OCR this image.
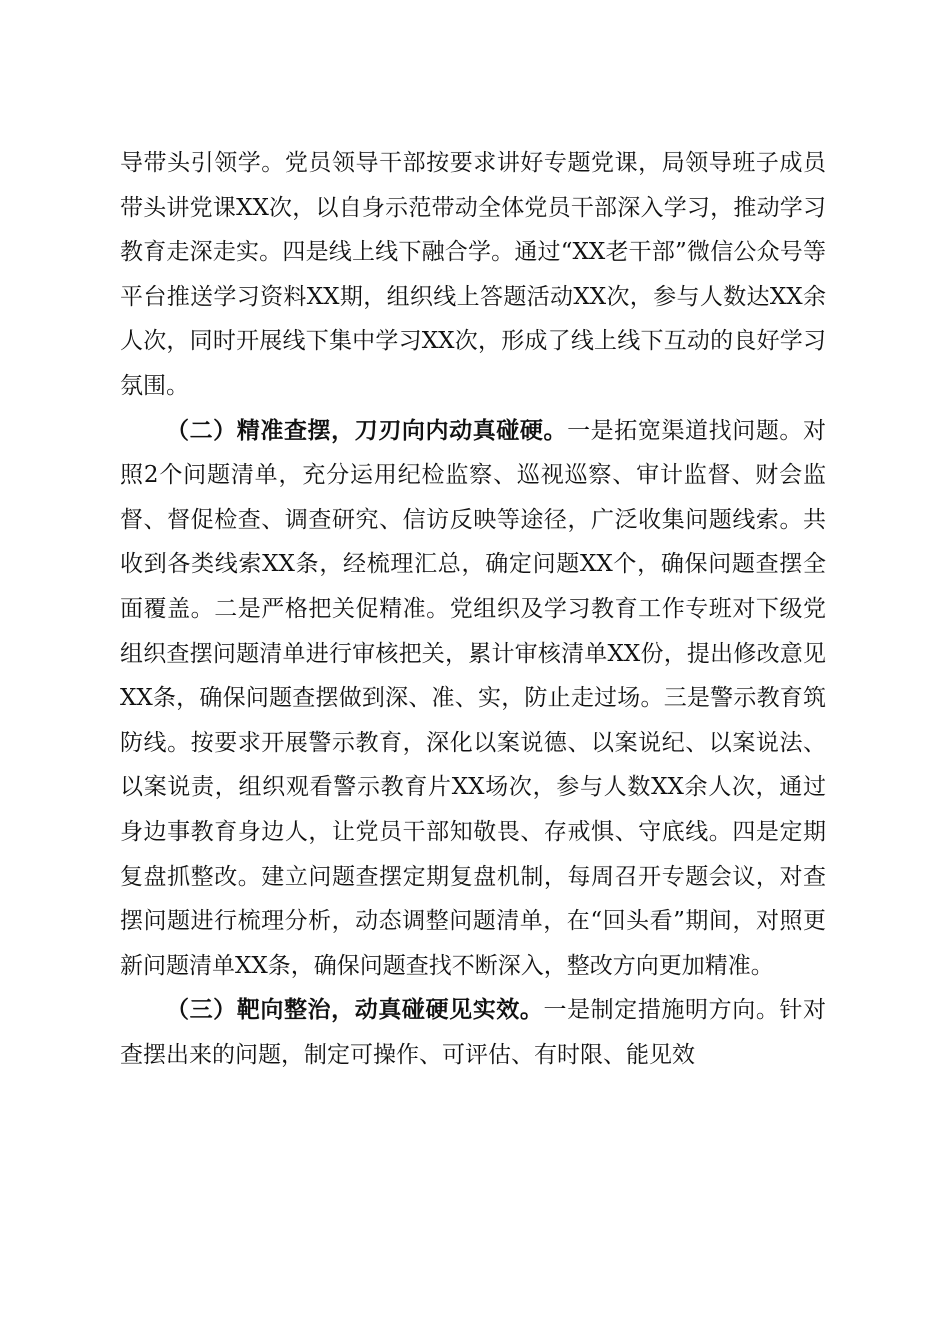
导带头引领学。党员领导干部按要求讲好专题党课，局领导班子成员带头讲党课XX次，以自身示范带动全体党员干部深入学习，推动学习教育走深走实。四是线上线下融合学。通过“XX老干部”微信公众号等平台推送学习资料XX期，组织线上答题活动XX次，参与人数达XX余人次，同时开展线下集中学习XX次，形成了线上线下互动的良好学习氛围。

（二）精准查摆，刀刃向内动真碰硬。一是拓宽渠道找问题。对照2个问题清单，充分运用纪检监察、巡视巡察、审计监督、财会监督、督促检查、调查研究、信访反映等途径，广泛收集问题线索。共收到各类线索XX条，经梳理汇总，确定问题XX个，确保问题查摆全面覆盖。二是严格把关促精准。党组织及学习教育工作专班对下级党组织查摆问题清单进行审核把关，累计审核清单XX份，提出修改意见XX条，确保问题查摆做到深、准、实，防止走过场。三是警示教育筑防线。按要求开展警示教育，深化以案说德、以案说纪、以案说法、以案说责，组织观看警示教育片XX场次，参与人数XX余人次，通过身边事教育身边人，让党员干部知敬畏、存戒惧、守底线。四是定期复盘抓整改。建立问题查摆定期复盘机制，每周召开专题会议，对查摆问题进行梳理分析，动态调整问题清单，在“回头看”期间，对照更新问题清单XX条，确保问题查找不断深入，整改方向更加精准。

（三）靶向整治，动真碰硬见实效。一是制定措施明方向。针对查摆出来的问题，制定可操作、可评估、有时限、能见效
